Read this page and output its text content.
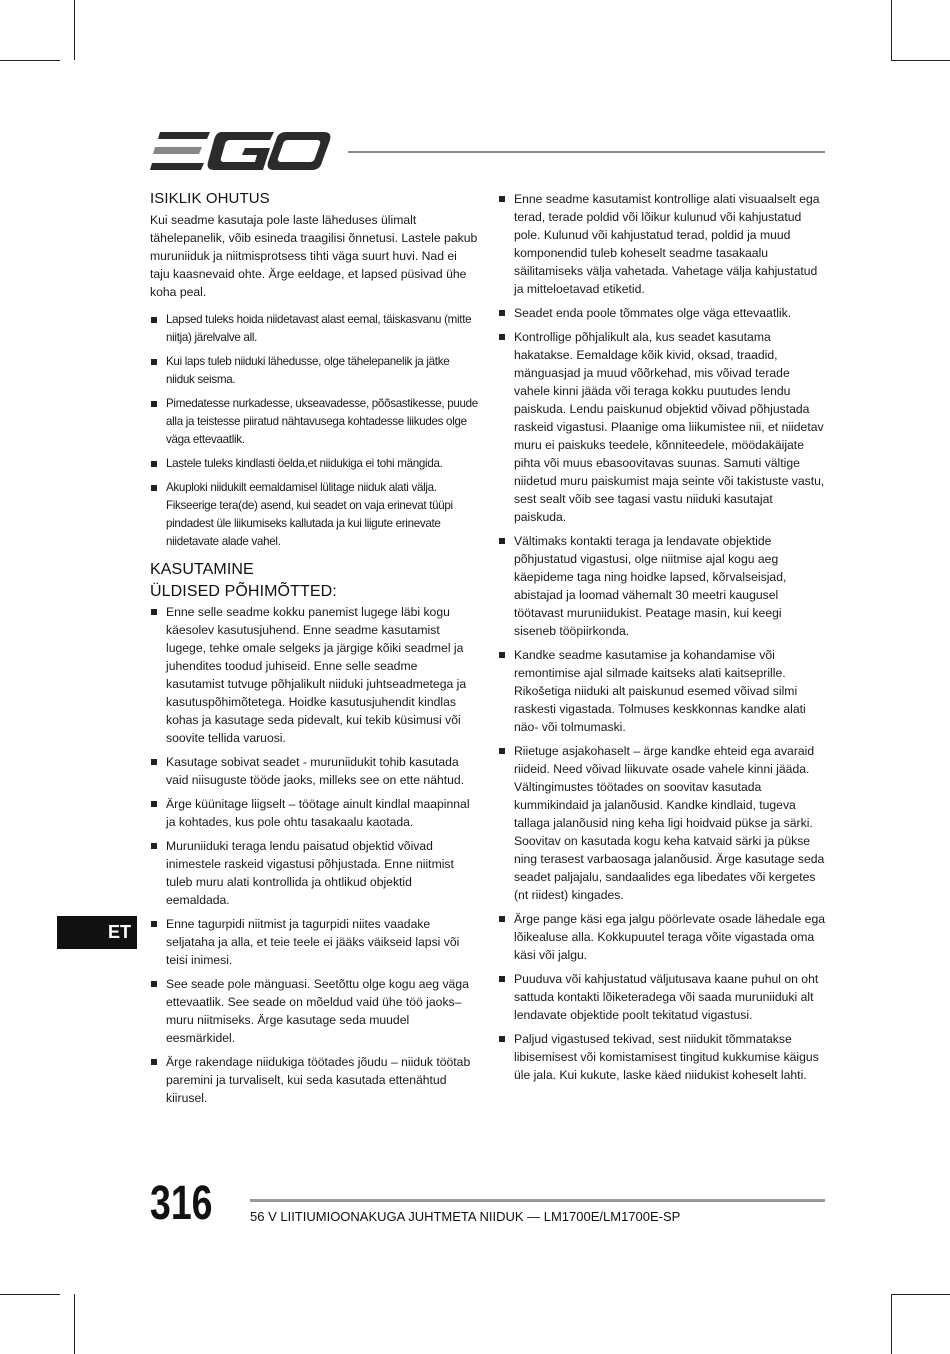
ISIKLIK OHUTUS

Kui seadme kasutaja pole laste läheduses ülimalt tähelepanelik, võib esineda traagilisi õnnetusi. Lastele pakub muruniiduk ja niitmisprotsess tihti väga suurt huvi. Nad ei taju kaasnevaid ohte. Ärge eeldage, et lapsed püsivad ühe koha peal.

Lapsed tuleks hoida niidetavast alast eemal, täiskasvanu (mitte niitja) järelvalve all.
Kui laps tuleb niiduki lähedusse, olge tähelepanelik ja jätke niiduk seisma.
Pimedatesse nurkadesse, ukseavadesse, põõsastikesse, puude alla ja teistesse piiratud nähtavusega kohtadesse liikudes olge väga ettevaatlik.
Lastele tuleks kindlasti öelda,et niidukiga ei tohi mängida.
Akuploki niidukilt eemaldamisel lülitage niiduk alati välja. Fikseerige tera(de) asend, kui seadet on vaja erinevat tüüpi pindadest üle liikumiseks kallutada ja kui liigute erinevate niidetavate alade vahel.
KASUTAMINE
ÜLDISED PÕHIMÕTTED:
Enne selle seadme kokku panemist lugege läbi kogu käesolev kasutusjuhend. Enne seadme kasutamist lugege, tehke omale selgeks ja järgige kõiki seadmel ja juhendites toodud juhiseid. Enne selle seadme kasutamist tutvuge põhjalikult niiduki juhtseadmetega ja kasutuspõhimõtetega. Hoidke kasutusjuhendit kindlas kohas ja kasutage seda pidevalt, kui tekib küsimusi või soovite tellida varuosi.
Kasutage sobivat seadet - muruniidukit tohib kasutada vaid niisuguste tööde jaoks, milleks see on ette nähtud.
Ärge küünitage liigselt – töötage ainult kindlal maapinnal ja kohtades, kus pole ohtu tasakaalu kaotada.
Muruniiduki teraga lendu paisatud objektid võivad inimestele raskeid vigastusi põhjustada. Enne niitmist tuleb muru alati kontrollida ja ohtlikud objektid eemaldada.
Enne tagurpidi niitmist ja tagurpidi niites vaadake seljataha ja alla, et teie teele ei jääks väikseid lapsi või teisi inimesi.
See seade pole mänguasi. Seetõttu olge kogu aeg väga ettevaatlik. See seade on mõeldud vaid ühe töö jaoks–muru niitmiseks. Ärge kasutage seda muudel eesmärkidel.
Ärge rakendage niidukiga töötades jõudu – niiduk töötab paremini ja turvaliselt, kui seda kasutada ettenähtud kiirusel.
Enne seadme kasutamist kontrollige alati visuaalselt ega terad, terade poldid või lõikur kulunud või kahjustatud pole. Kulunud või kahjustatud terad, poldid ja muud komponendid tuleb koheselt seadme tasakaalu säilitamiseks välja vahetada. Vahetage välja kahjustatud ja mitteloetavad etiketid.
Seadet enda poole tõmmates olge väga ettevaatlik.
Kontrollige põhjalikult ala, kus seadet kasutama hakatakse. Eemaldage kõik kivid, oksad, traadid, mänguasjad ja muud võõrkehad, mis võivad terade vahele kinni jääda või teraga kokku puutudes lendu paiskuda. Lendu paiskunud objektid võivad põhjustada raskeid vigastusi. Plaanige oma liikumistee nii, et niidetav muru ei paiskuks teedele, kõnniteedele, möödakäijate pihta või muus ebasoovitavas suunas. Samuti vältige niidetud muru paiskumist maja seinte või takistuste vastu, sest sealt võib see tagasi vastu niiduki kasutajat paiskuda.
Vältimaks kontakti teraga ja lendavate objektide põhjustatud vigastusi, olge niitmise ajal kogu aeg käepideme taga ning hoidke lapsed, kõrvalseisjad, abistajad ja loomad vähemalt 30 meetri kaugusel töötavast muruniidukist. Peatage masin, kui keegi siseneb tööpiirkonda.
Kandke seadme kasutamise ja kohandamise või remontimise ajal silmade kaitseks alati kaitseprille. Rikošetiga niiduki alt paiskunud esemed võivad silmi raskesti vigastada. Tolmuses keskkonnas kandke alati näo- või tolmumaski.
Riietuge asjakohaselt – ärge kandke ehteid ega avaraid riideid. Need võivad liikuvate osade vahele kinni jääda. Vältingimustes töötades on soovitav kasutada kummikindaid ja jalanõusid. Kandke kindlaid, tugeva tallaga jalanõusid ning keha ligi hoidvaid pükse ja särki. Soovitav on kasutada kogu keha katvaid särki ja pükse ning terasest varbaosaga jalanõusid. Ärge kasutage seda seadet paljajalu, sandaalides ega libedates või kergetes (nt riidest) kingades.
Ärge pange käsi ega jalgu pöörlevate osade lähedale ega lõikealuse alla. Kokkupuutel teraga võite vigastada oma käsi või jalgu.
Puuduva või kahjustatud väljutusava kaane puhul on oht sattuda kontakti lõiketeradega või saada muruniiduki alt lendavate objektide poolt tekitatud vigastusi.
Paljud vigastused tekivad, sest niidukit tõmmatakse libisemisest või komistamisest tingitud kukkumise käigus üle jala. Kui kukute, laske käed niidukist koheselt lahti.
ET
316	56 V LIITIUMIOONAKUGA JUHTMETA NIIDUK — LM1700E/LM1700E-SP
